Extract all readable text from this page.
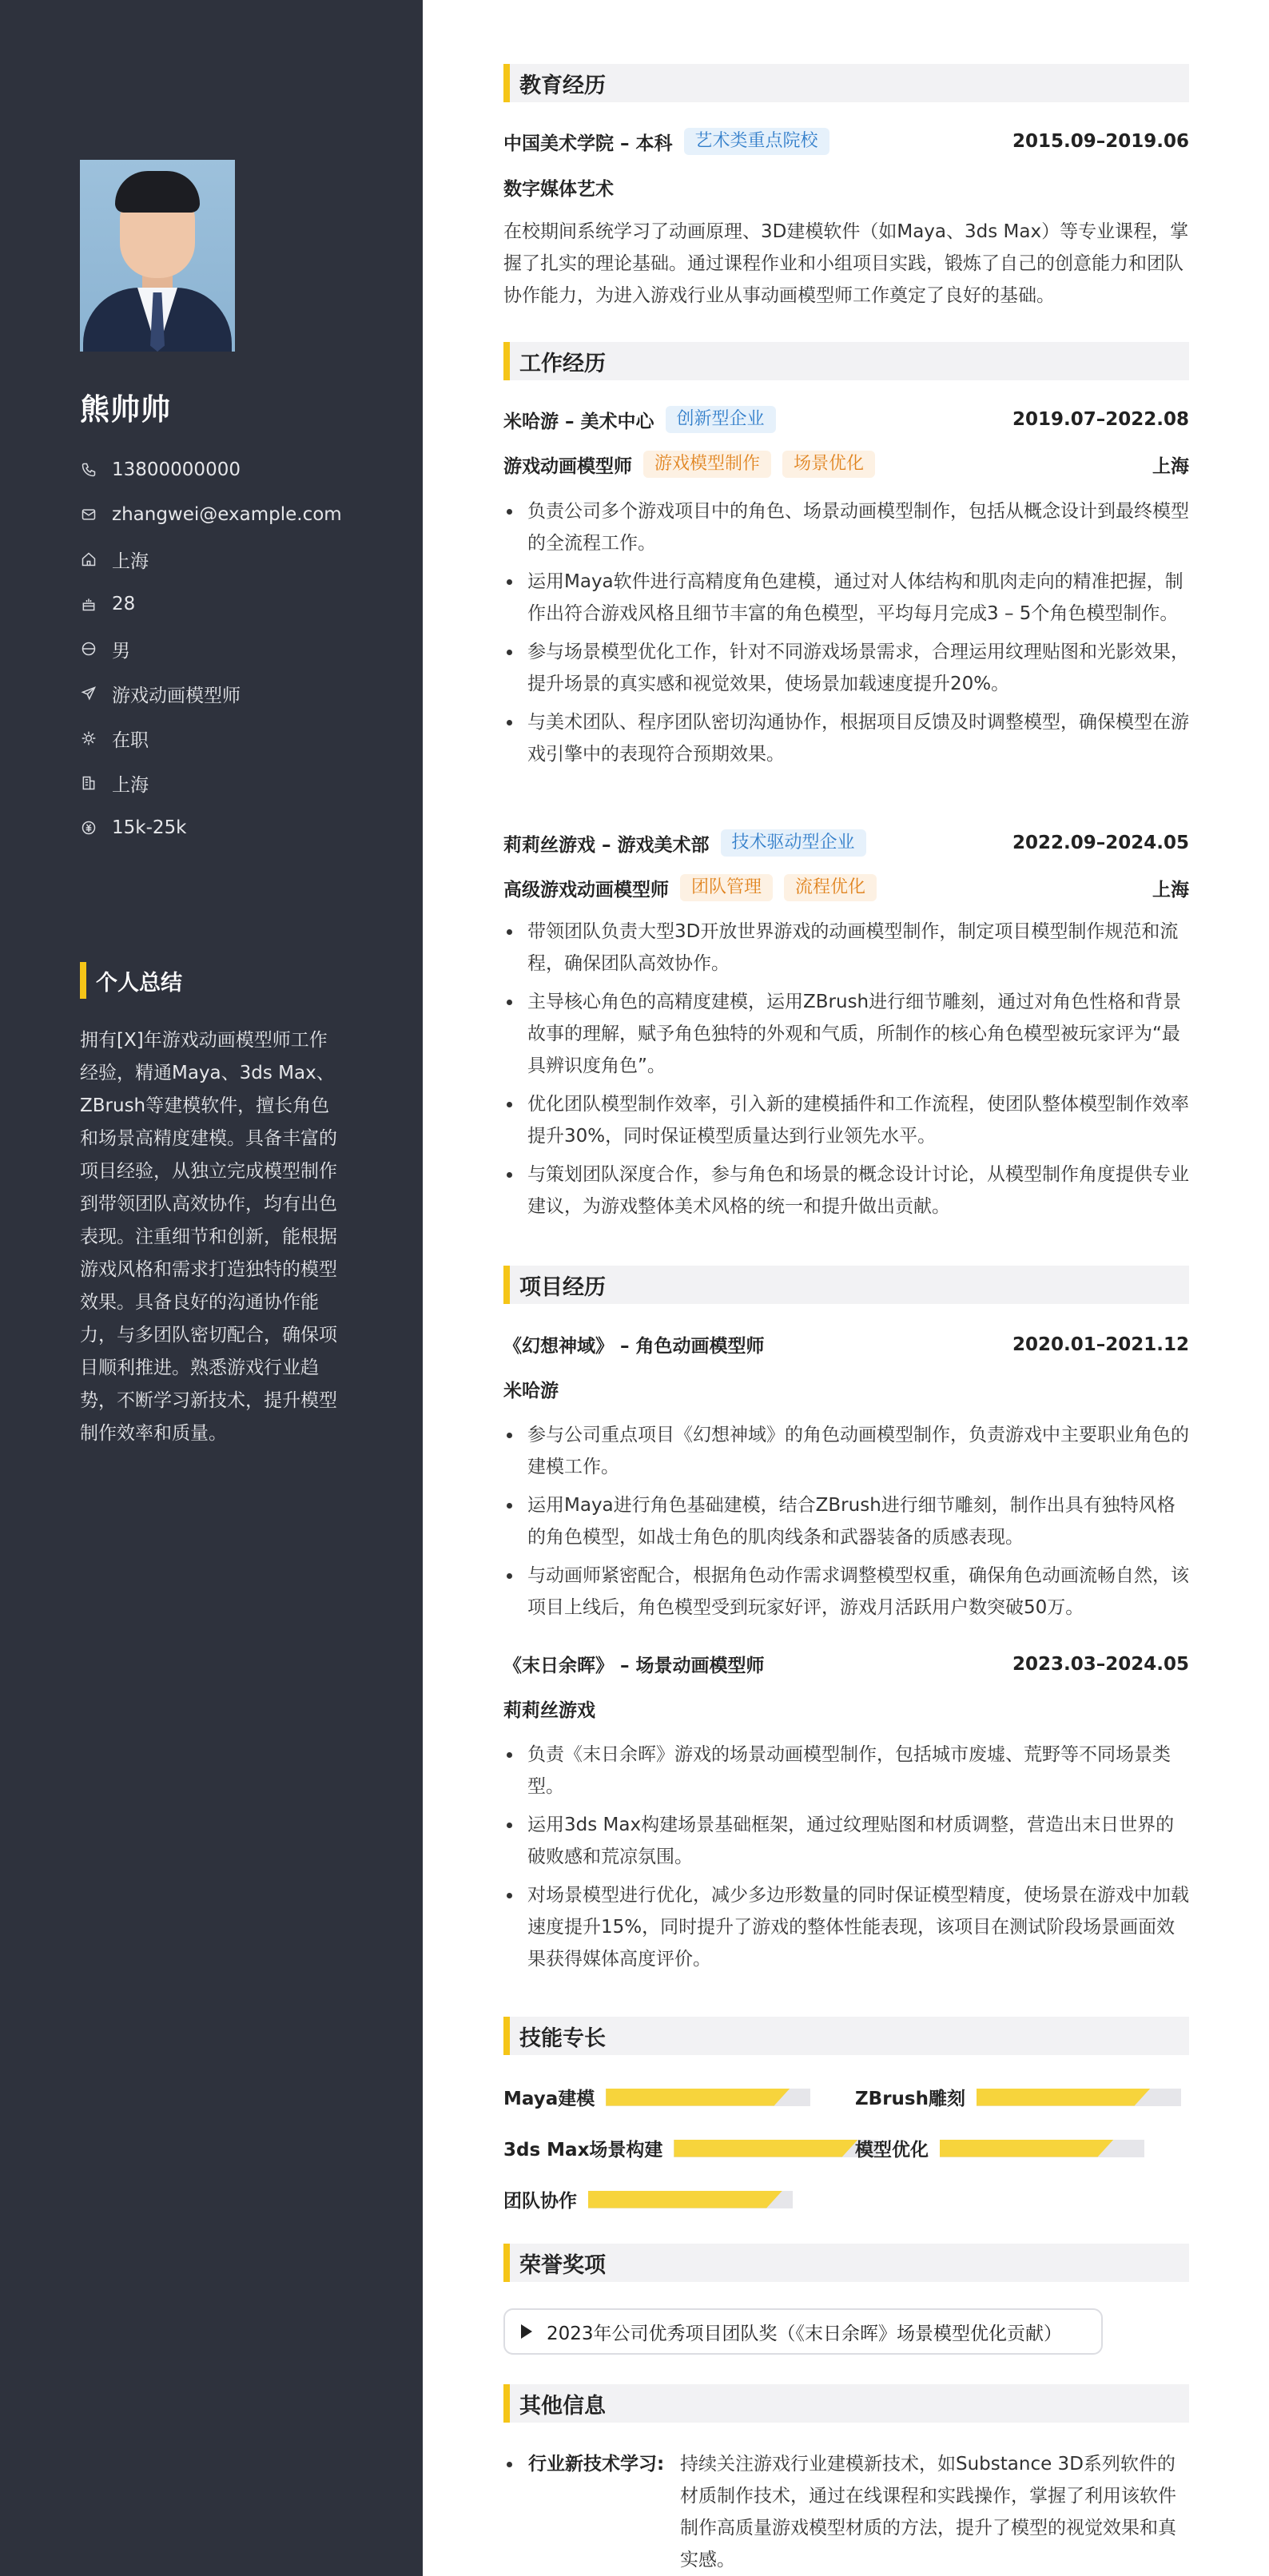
熊帅帅
13800000000
zhangwei@example.com
上海
28
男
游戏动画模型师
在职
上海
15k-25k
个人总结
拥有[X]年游戏动画模型师工作经验，精通Maya、3ds Max、ZBrush等建模软件，擅长角色和场景高精度建模。具备丰富的项目经验，从独立完成模型制作到带领团队高效协作，均有出色表现。注重细节和创新，能根据游戏风格和需求打造独特的模型效果。具备良好的沟通协作能力，与多团队密切配合，确保项目顺利推进。熟悉游戏行业趋势，不断学习新技术，提升模型制作效率和质量。
教育经历
中国美术学院 – 本科	艺术类重点院校	2015.09–2019.06
数字媒体艺术
在校期间系统学习了动画原理、3D建模软件（如Maya、3ds Max）等专业课程，掌握了扎实的理论基础。通过课程作业和小组项目实践，锻炼了自己的创意能力和团队协作能力，为进入游戏行业从事动画模型师工作奠定了良好的基础。
工作经历
米哈游 – 美术中心	创新型企业	2019.07–2022.08
游戏动画模型师	游戏模型制作	场景优化	上海
负责公司多个游戏项目中的角色、场景动画模型制作，包括从概念设计到最终模型的全流程工作。
运用Maya软件进行高精度角色建模，通过对人体结构和肌肉走向的精准把握，制作出符合游戏风格且细节丰富的角色模型，平均每月完成3 – 5个角色模型制作。
参与场景模型优化工作，针对不同游戏场景需求，合理运用纹理贴图和光影效果，提升场景的真实感和视觉效果，使场景加载速度提升20%。
与美术团队、程序团队密切沟通协作，根据项目反馈及时调整模型，确保模型在游戏引擎中的表现符合预期效果。
莉莉丝游戏 – 游戏美术部	技术驱动型企业	2022.09–2024.05
高级游戏动画模型师	团队管理	流程优化	上海
带领团队负责大型3D开放世界游戏的动画模型制作，制定项目模型制作规范和流程，确保团队高效协作。
主导核心角色的高精度建模，运用ZBrush进行细节雕刻，通过对角色性格和背景故事的理解，赋予角色独特的外观和气质，所制作的核心角色模型被玩家评为“最具辨识度角色”。
优化团队模型制作效率，引入新的建模插件和工作流程，使团队整体模型制作效率提升30%，同时保证模型质量达到行业领先水平。
与策划团队深度合作，参与角色和场景的概念设计讨论，从模型制作角度提供专业建议，为游戏整体美术风格的统一和提升做出贡献。
项目经历
《幻想神域》 – 角色动画模型师	2020.01–2021.12
米哈游
参与公司重点项目《幻想神域》的角色动画模型制作，负责游戏中主要职业角色的建模工作。
运用Maya进行角色基础建模，结合ZBrush进行细节雕刻，制作出具有独特风格的角色模型，如战士角色的肌肉线条和武器装备的质感表现。
与动画师紧密配合，根据角色动作需求调整模型权重，确保角色动画流畅自然，该项目上线后，角色模型受到玩家好评，游戏月活跃用户数突破50万。
《末日余晖》 – 场景动画模型师	2023.03–2024.05
莉莉丝游戏
负责《末日余晖》游戏的场景动画模型制作，包括城市废墟、荒野等不同场景类型。
运用3ds Max构建场景基础框架，通过纹理贴图和材质调整，营造出末日世界的破败感和荒凉氛围。
对场景模型进行优化，减少多边形数量的同时保证模型精度，使场景在游戏中加载速度提升15%，同时提升了游戏的整体性能表现，该项目在测试阶段场景画面效果获得媒体高度评价。
技能专长
Maya建模	ZBrush雕刻
3ds Max场景构建	模型优化
团队协作
荣誉奖项
2023年公司优秀项目团队奖（《末日余晖》场景模型优化贡献）
其他信息
行业新技术学习: 持续关注游戏行业建模新技术，如Substance 3D系列软件的材质制作技术，通过在线课程和实践操作，掌握了利用该软件制作高质量游戏模型材质的方法，提升了模型的视觉效果和真实感。
